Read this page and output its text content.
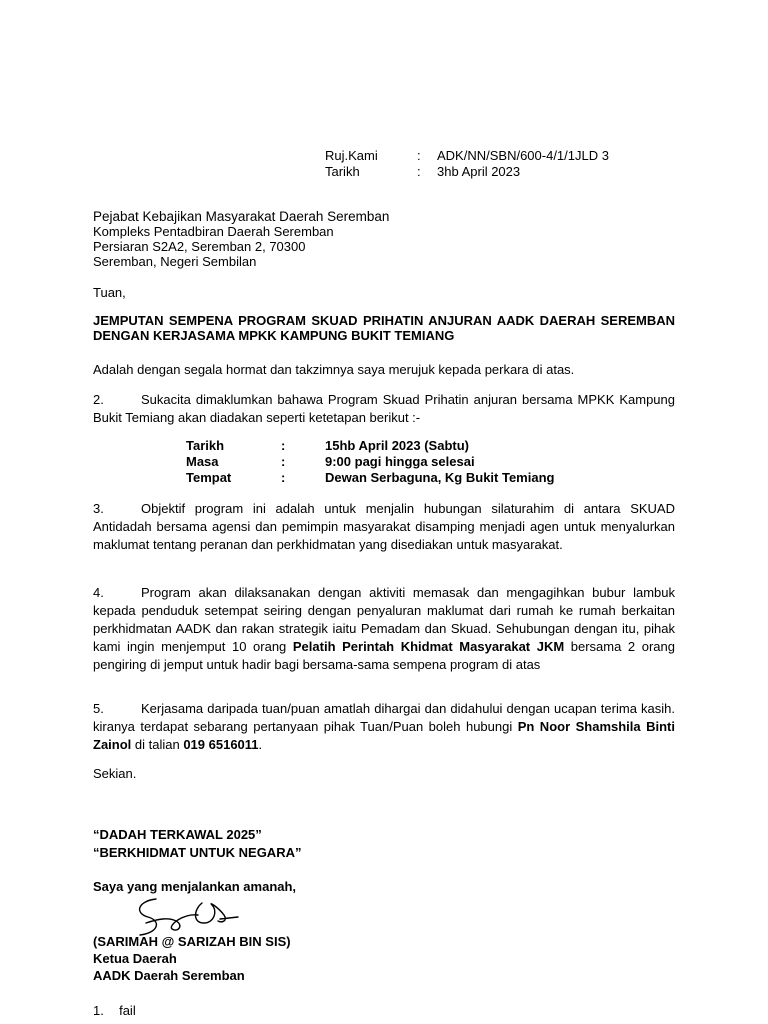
Ruj.Kami	:	ADK/NN/SBN/600-4/1/1JLD 3
Tarikh	:	3hb April 2023
Pejabat Kebajikan Masyarakat Daerah Seremban
Kompleks Pentadbiran Daerah Seremban
Persiaran S2A2, Seremban 2, 70300
Seremban, Negeri Sembilan
Tuan,
JEMPUTAN SEMPENA PROGRAM SKUAD PRIHATIN ANJURAN AADK DAERAH SEREMBAN DENGAN KERJASAMA MPKK KAMPUNG BUKIT TEMIANG
Adalah dengan segala hormat dan takzimnya saya merujuk kepada perkara di atas.
2.	Sukacita dimaklumkan bahawa Program Skuad Prihatin anjuran bersama MPKK Kampung Bukit Temiang akan diadakan seperti ketetapan berikut :-
Tarikh	:	15hb April 2023 (Sabtu)
Masa	:	9:00 pagi hingga selesai
Tempat	:	Dewan Serbaguna, Kg Bukit Temiang
3.	Objektif program ini adalah untuk menjalin hubungan silaturahim di antara SKUAD Antidadah bersama agensi dan pemimpin masyarakat disamping menjadi agen untuk menyalurkan maklumat tentang peranan dan perkhidmatan yang disediakan untuk masyarakat.
4.	Program akan dilaksanakan dengan aktiviti memasak dan mengagihkan bubur lambuk kepada penduduk setempat seiring dengan penyaluran maklumat dari rumah ke rumah berkaitan perkhidmatan AADK dan rakan strategik iaitu Pemadam dan Skuad. Sehubungan dengan itu, pihak kami ingin menjemput 10 orang Pelatih Perintah Khidmat Masyarakat JKM bersama 2 orang pengiring di jemput untuk hadir bagi bersama-sama sempena program di atas
5.	Kerjasama daripada tuan/puan amatlah dihargai dan didahului dengan ucapan terima kasih. kiranya terdapat sebarang pertanyaan pihak Tuan/Puan boleh hubungi Pn Noor Shamshila Binti Zainol di talian 019 6516011.
Sekian.
“DADAH TERKAWAL 2025”
“BERKHIDMAT UNTUK NEGARA”
Saya yang menjalankan amanah,
(SARIMAH @ SARIZAH BIN SIS)
Ketua Daerah
AADK Daerah Seremban
1. fail
